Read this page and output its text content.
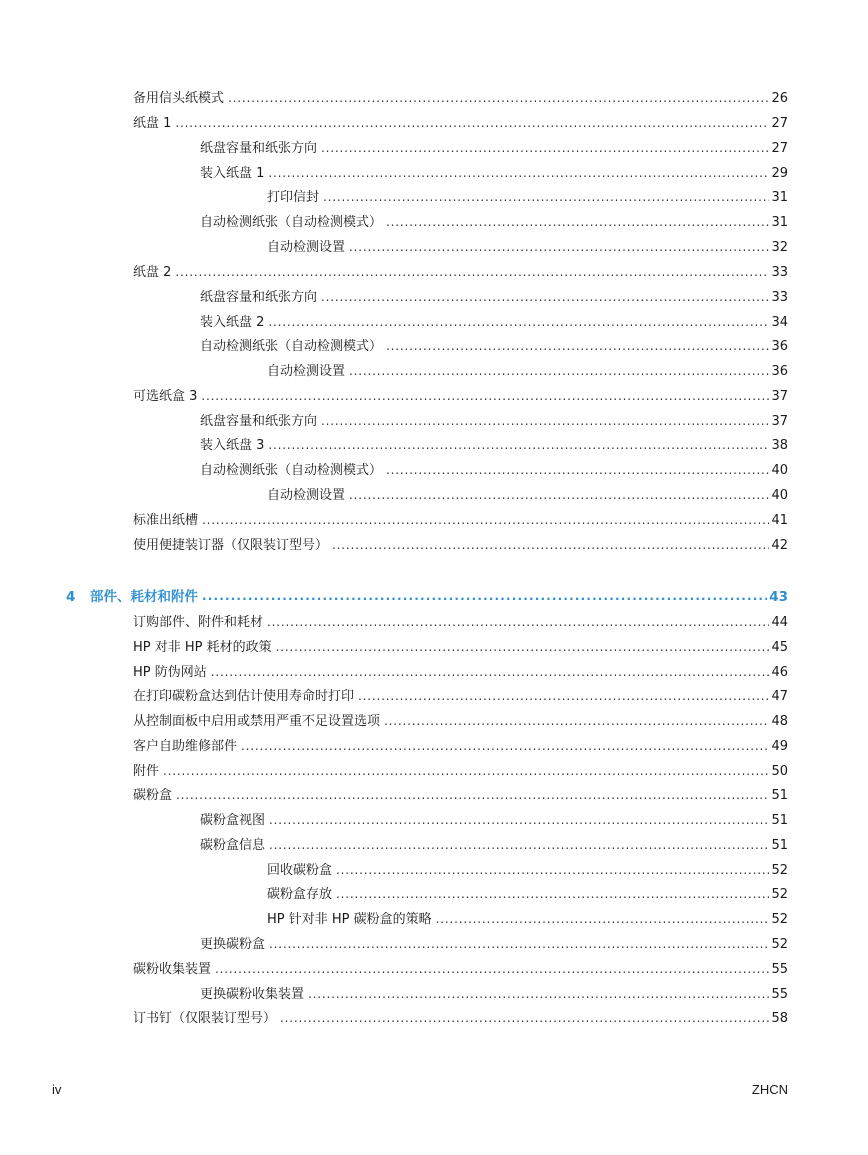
备用信头纸模式 . . .	26
纸盘 1 . . .	27
纸盘容量和纸张方向 . . .	27
装入纸盘 1 . . .	29
打印信封 . . .	31
自动检测纸张（自动检测模式） . . .	31
自动检测设置 . . .	32
纸盘 2 . . .	33
纸盘容量和纸张方向 . . .	33
装入纸盘 2 . . .	34
自动检测纸张（自动检测模式） . . .	36
自动检测设置 . . .	36
可选纸盒 3 . . .	37
纸盘容量和纸张方向 . . .	37
装入纸盘 3 . . .	38
自动检测纸张（自动检测模式） . . .	40
自动检测设置 . . .	40
标准出纸槽 . . .	41
使用便捷装订器（仅限装订型号） . . .	42
4 部件、耗材和附件 . . .	43
订购部件、附件和耗材 . . .	44
HP 对非 HP 耗材的政策 . . .	45
HP 防伪网站 . . .	46
在打印碳粉盒达到估计使用寿命时打印 . . .	47
从控制面板中启用或禁用严重不足设置选项 . . .	48
客户自助维修部件 . . .	49
附件 . . .	50
碳粉盒 . . .	51
碳粉盒视图 . . .	51
碳粉盒信息 . . .	51
回收碳粉盒 . . .	52
碳粉盒存放 . . .	52
HP 针对非 HP 碳粉盒的策略 . . .	52
更换碳粉盒 . . .	52
碳粉收集装置 . . .	55
更换碳粉收集装置 . . .	55
订书钉（仅限装订型号） . . .	58
iv	ZHCN
